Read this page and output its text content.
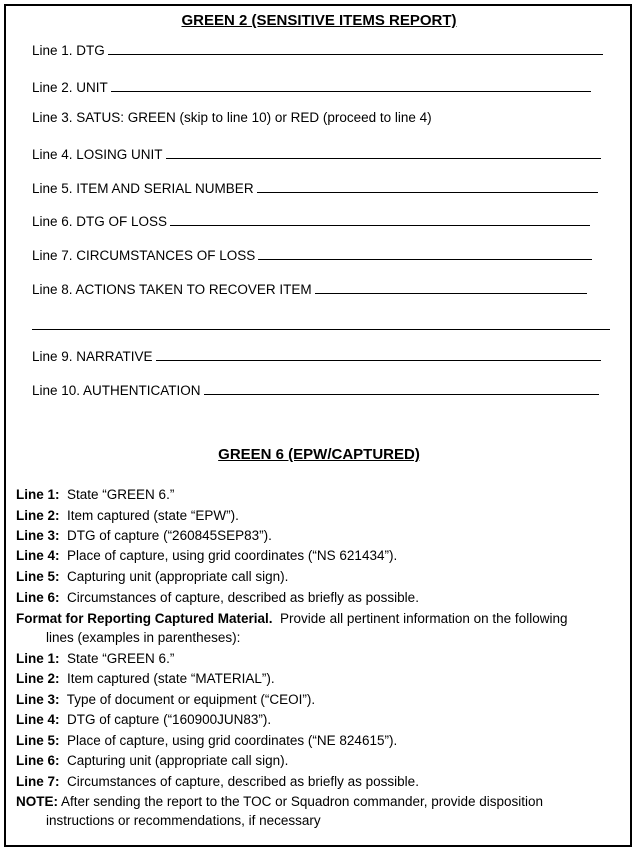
GREEN 2 (SENSITIVE ITEMS REPORT)
Line 1. DTG
Line 2. UNIT
Line 3. SATUS: GREEN (skip to line 10) or RED (proceed to line 4)
Line 4. LOSING UNIT
Line 5. ITEM AND SERIAL NUMBER
Line 6. DTG OF LOSS
Line 7. CIRCUMSTANCES OF LOSS
Line 8. ACTIONS TAKEN TO RECOVER ITEM
Line 9. NARRATIVE
Line 10. AUTHENTICATION
GREEN 6 (EPW/CAPTURED)
Line 1: State “GREEN 6.”
Line 2: Item captured (state “EPW”).
Line 3: DTG of capture (“260845SEP83”).
Line 4: Place of capture, using grid coordinates (“NS 621434”).
Line 5: Capturing unit (appropriate call sign).
Line 6: Circumstances of capture, described as briefly as possible.
Format for Reporting Captured Material. Provide all pertinent information on the following
lines (examples in parentheses):
Line 1: State “GREEN 6.”
Line 2: Item captured (state “MATERIAL”).
Line 3: Type of document or equipment (“CEOI”).
Line 4: DTG of capture (“160900JUN83”).
Line 5: Place of capture, using grid coordinates (“NE 824615”).
Line 6: Capturing unit (appropriate call sign).
Line 7: Circumstances of capture, described as briefly as possible.
NOTE: After sending the report to the TOC or Squadron commander, provide disposition
instructions or recommendations, if necessary
